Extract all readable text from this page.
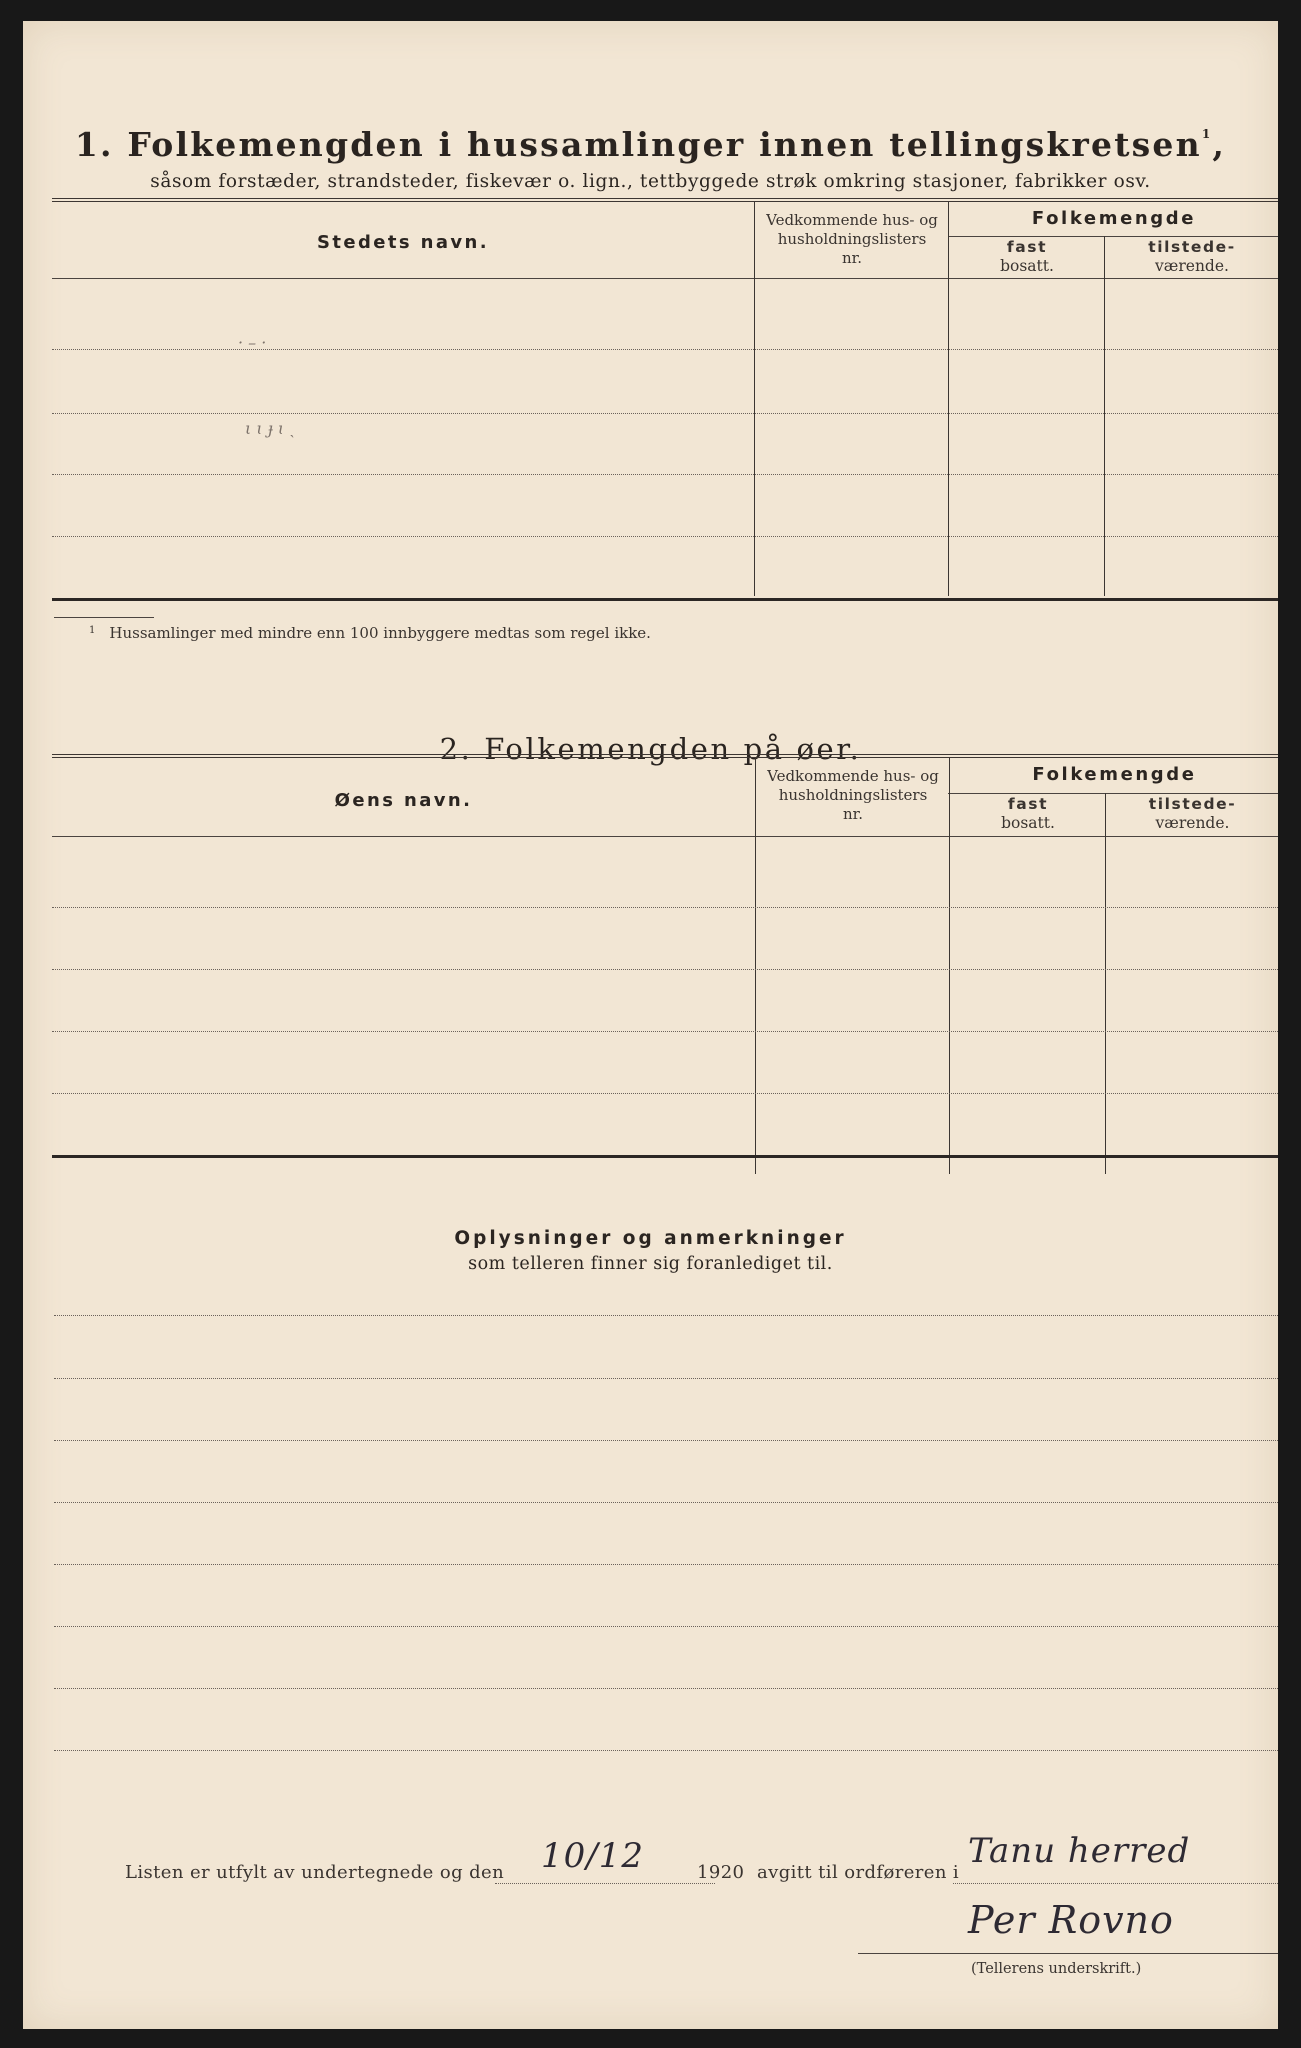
1. Folkemengden i hussamlinger innen tellingskretsen$^1$,
såsom forstæder, strandsteder, fiskevær o. lign., tettbyggede strøk omkring stasjoner, fabrikker osv.
Stedets navn.
Vedkommende hus- og
husholdningslisters
nr.
Folkemengde
fast
bosatt.
tilstede-
værende.
· – ·
ι ɩ ɟ ɩ ˎ
$^1$ Hussamlinger med mindre enn 100 innbyggere medtas som regel ikke.
2. Folkemengden på øer.
Øens navn.
Vedkommende hus- og
husholdningslisters
nr.
Folkemengde
fast
bosatt.
tilstede-
værende.
Oplysninger og anmerkninger
som telleren finner sig foranlediget til.
Listen er utfylt av undertegnede og den 10/12	1920 avgitt til ordføreren i
Tanu herred
Per Rovno
(Tellerens underskrift.)
